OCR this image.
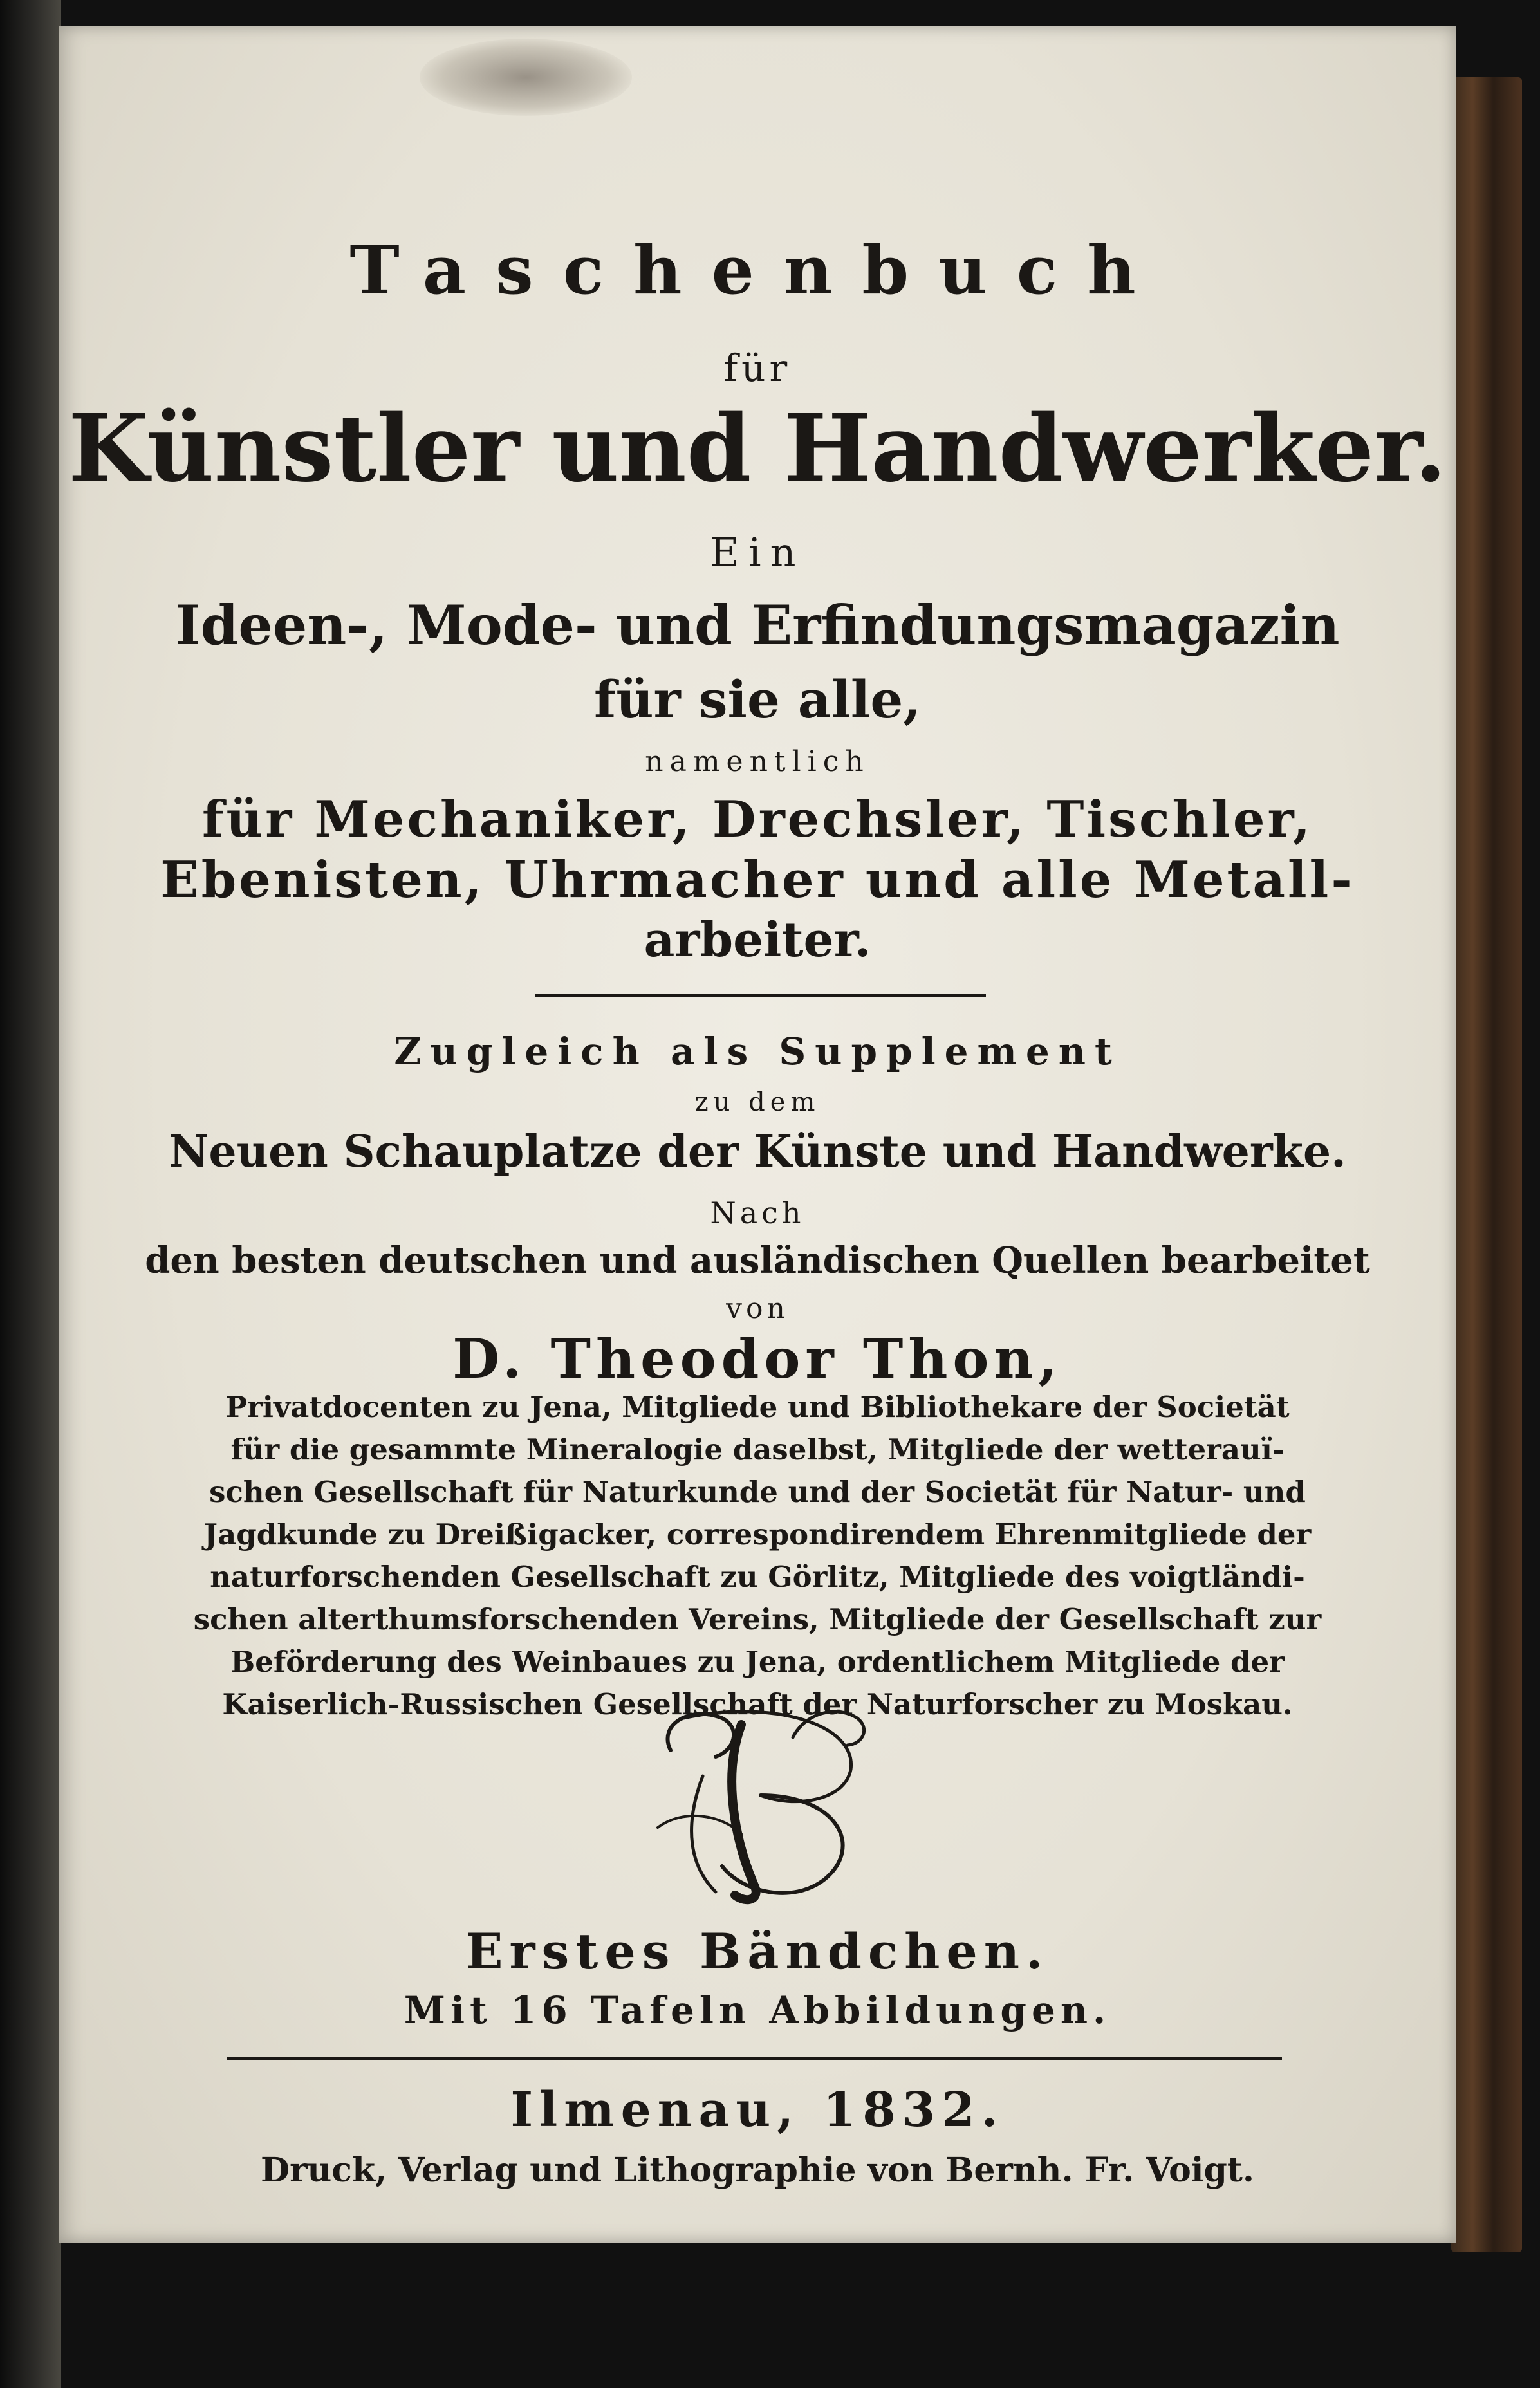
Taschenbuch

für

Künstler und Handwerker.

Ein

Ideen-, Mode- und Erfindungsmagazin

für sie alle,

namentlich

für Mechaniker, Drechsler, Tischler,

Ebenisten, Uhrmacher und alle Metall-

arbeiter.

Zugleich als Supplement

zu dem

Neuen Schauplatze der Künste und Handwerke.

Nach

den besten deutschen und ausländischen Quellen bearbeitet

von

D. Theodor Thon,

Privatdocenten zu Jena, Mitgliede und Bibliothekare der Societät

für die gesammte Mineralogie daselbst, Mitgliede der wetterauï-

schen Gesellschaft für Naturkunde und der Societät für Natur- und

Jagdkunde zu Dreißigacker, correspondirendem Ehrenmitgliede der

naturforschenden Gesellschaft zu Görlitz, Mitgliede des voigtländi-

schen alterthumsforschenden Vereins, Mitgliede der Gesellschaft zur

Beförderung des Weinbaues zu Jena, ordentlichem Mitgliede der

Kaiserlich-Russischen Gesellschaft der Naturforscher zu Moskau.

Erstes Bändchen.

Mit 16 Tafeln Abbildungen.

Ilmenau, 1832.

Druck, Verlag und Lithographie von Bernh. Fr. Voigt.
